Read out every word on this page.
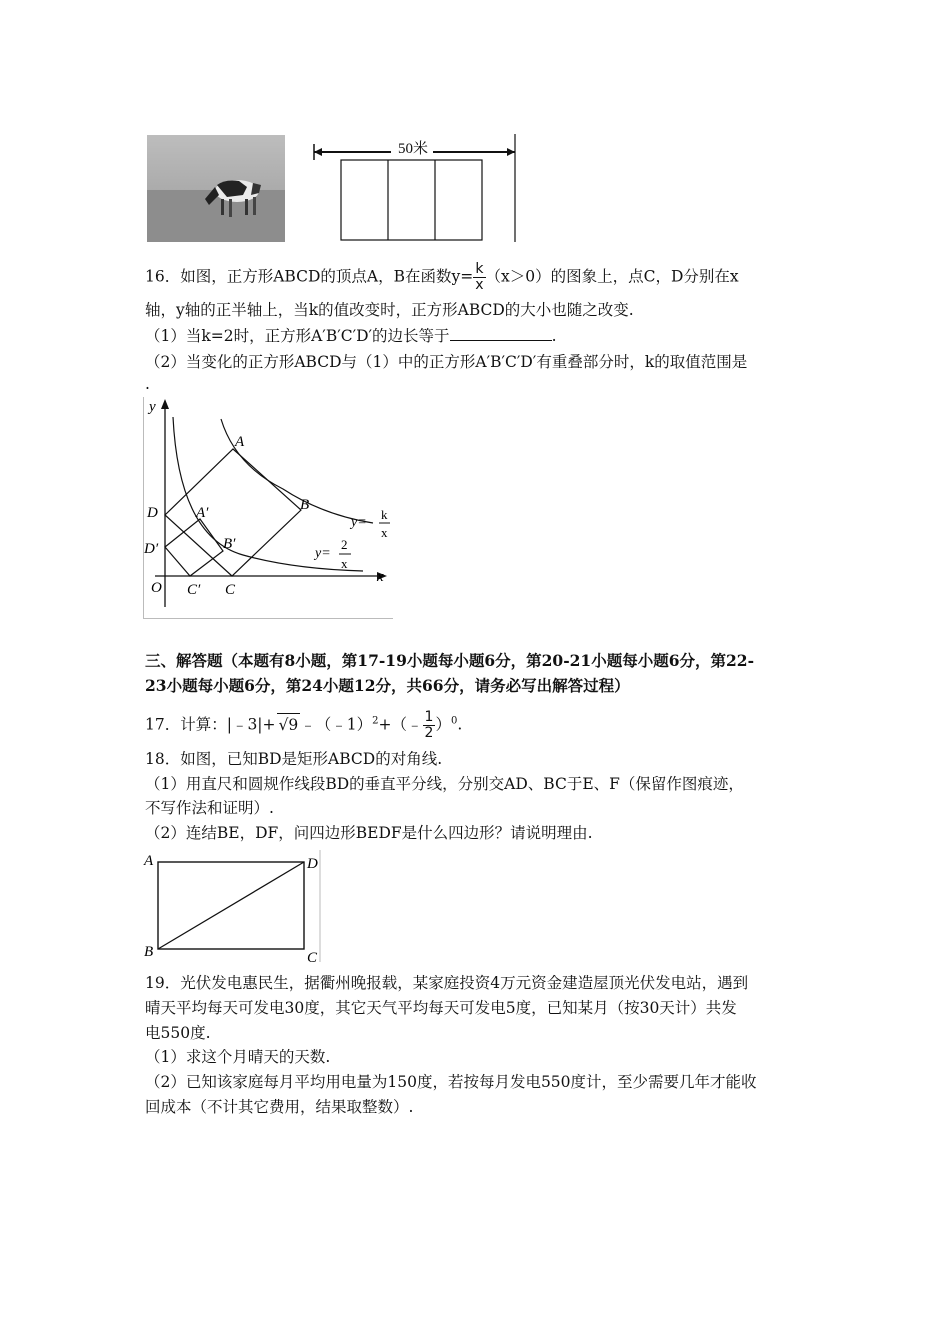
50米
16．如图，正方形ABCD的顶点A，B在函数$y= \frac{k}{x} (x>0)$的图象上，点C，D分别在x
轴，y轴的正半轴上，当k的值改变时，正方形ABCD的大小也随之改变.
（1）当k=2时，正方形A′B′C′D′的边长等于	.
（2）当变化的正方形ABCD与（1）中的正方形A′B′C′D′有重叠部分时，k的取值范围是
.
y
x
O
A
B
C
D	A′
B′
C′
D′
y=
k
x
y=
2
x
三、解答题（本题有8小题，第17-19小题每小题6分，第20-21小题每小题6分，第22-
23小题每小题6分，第24小题12分，共66分，请务必写出解答过程）
17．计算：|﹣3|+ √9 ﹣（﹣1）$^2$+（﹣ $\frac{1}{2} )^0$.
18．如图，已知BD是矩形ABCD的对角线.
（1）用直尺和圆规作线段BD的垂直平分线，分别交AD、BC于E、F（保留作图痕迹，
不写作法和证明）.
（2）连结BE，DF，问四边形BEDF是什么四边形？请说明理由.
A	D
B	C
19．光伏发电惠民生，据衢州晚报载，某家庭投资4万元资金建造屋顶光伏发电站，遇到
晴天平均每天可发电30度，其它天气平均每天可发电5度，已知某月（按30天计）共发
电550度.
（1）求这个月晴天的天数.
（2）已知该家庭每月平均用电量为150度，若按每月发电550度计，至少需要几年才能收
回成本（不计其它费用，结果取整数）.
